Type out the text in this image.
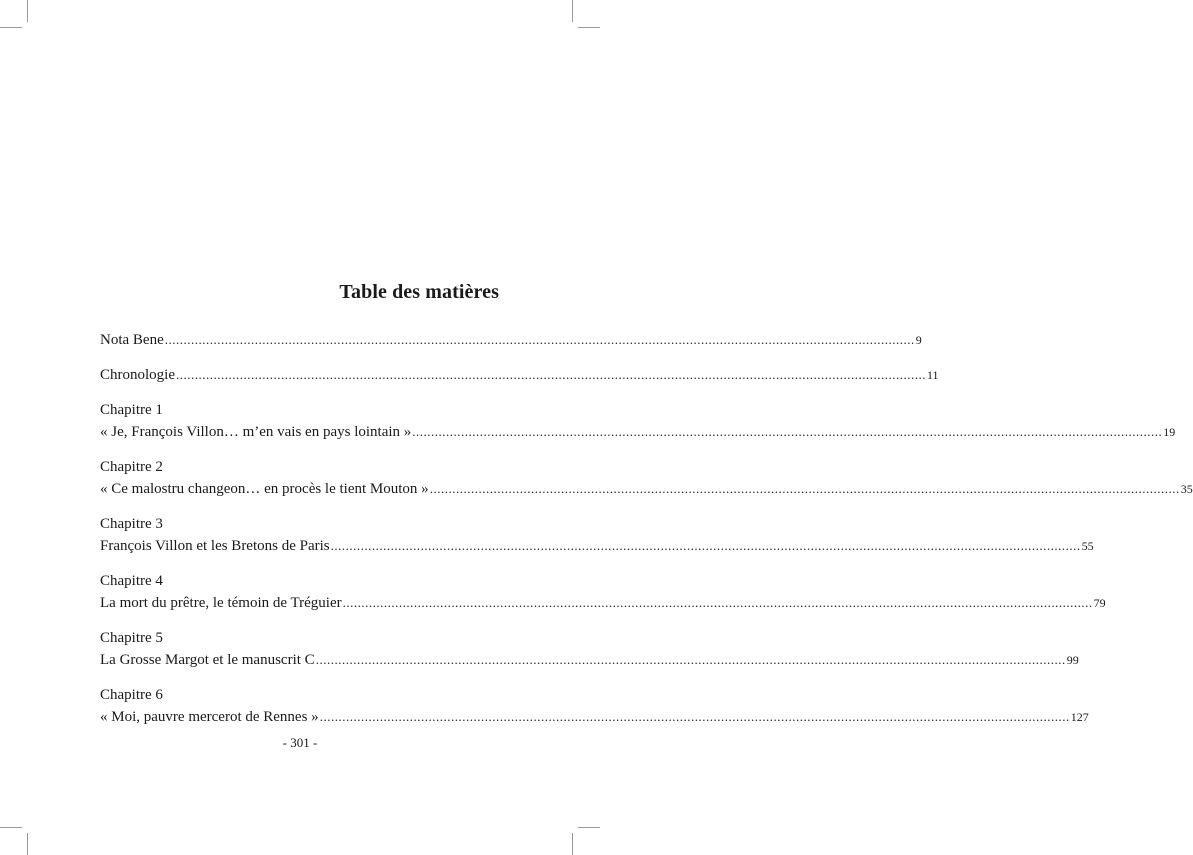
Table des matières
Nota Bene ........................................................................................................................................................................................................ 9
Chronologie ........................................................................................................................................................................................................ 11
Chapitre 1
« Je, François Villon… m’en vais en pays lointain » ........................................................................................................................................................................................................ 19
Chapitre 2
« Ce malostru changeon… en procès le tient Mouton » ........................................................................................................................................................................................................ 35
Chapitre 3
François Villon et les Bretons de Paris ........................................................................................................................................................................................................ 55
Chapitre 4
La mort du prêtre, le témoin de Tréguier ........................................................................................................................................................................................................ 79
Chapitre 5
La Grosse Margot et le manuscrit C ........................................................................................................................................................................................................ 99
Chapitre 6
« Moi, pauvre mercerot de Rennes » ........................................................................................................................................................................................................ 127
- 301 -
